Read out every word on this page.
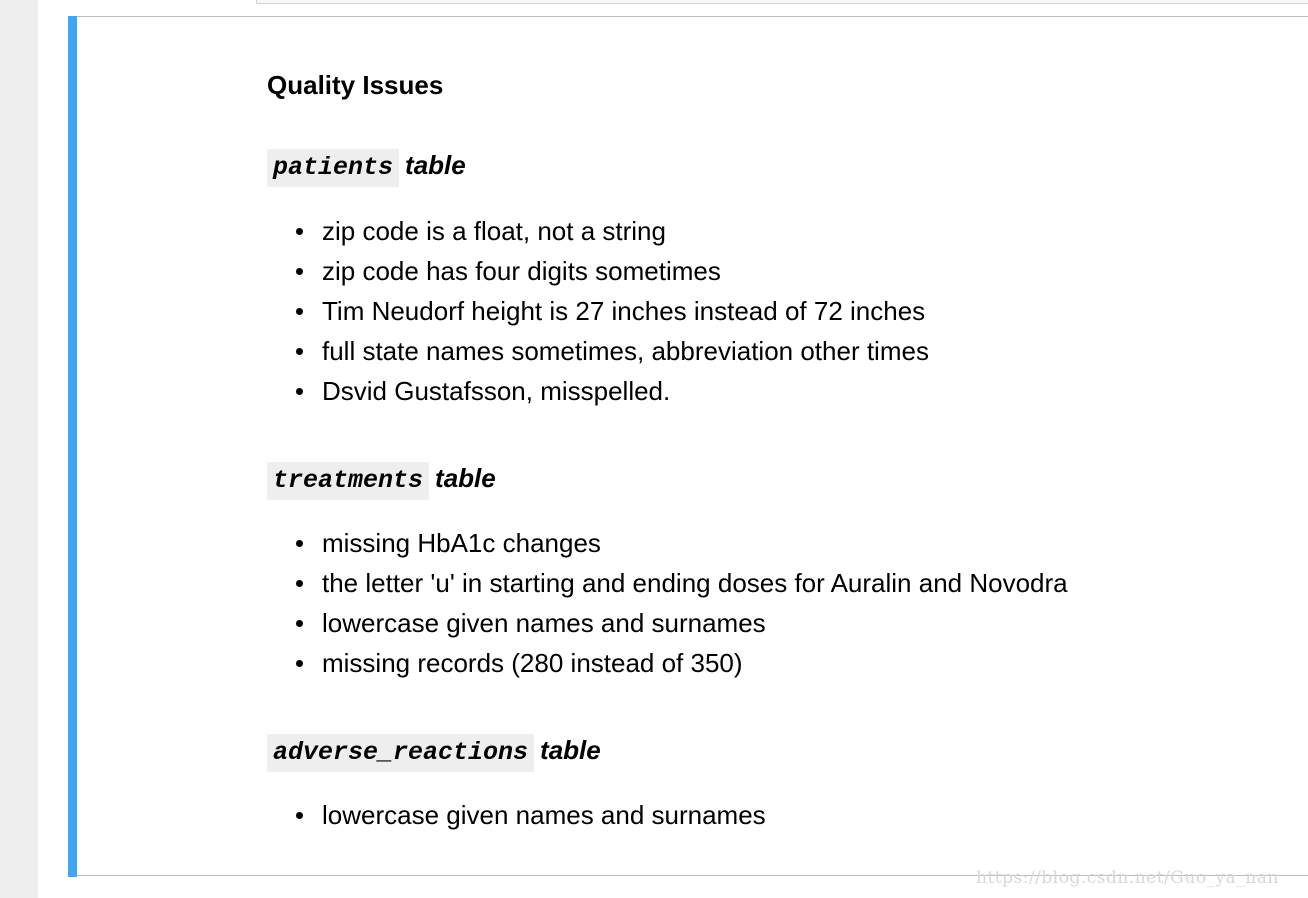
Quality Issues
patients table
zip code is a float, not a string
zip code has four digits sometimes
Tim Neudorf height is 27 inches instead of 72 inches
full state names sometimes, abbreviation other times
Dsvid Gustafsson, misspelled.
treatments table
missing HbA1c changes
the letter 'u' in starting and ending doses for Auralin and Novodra
lowercase given names and surnames
missing records (280 instead of 350)
adverse_reactions table
lowercase given names and surnames
https://blog.csdn.net/Guo_ya_nan
